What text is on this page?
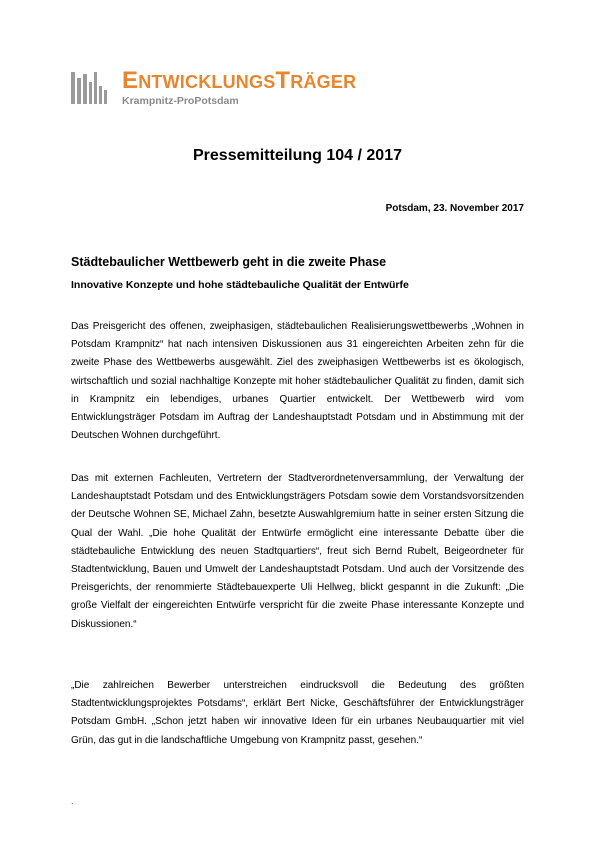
ENTWICKLUNGSTRÄGER
Krampnitz-ProPotsdam
Pressemitteilung 104 / 2017
Potsdam, 23. November 2017
Städtebaulicher Wettbewerb geht in die zweite Phase
Innovative Konzepte und hohe städtebauliche Qualität der Entwürfe

Das Preisgericht des offenen, zweiphasigen, städtebaulichen Realisierungswettbewerbs „Wohnen in Potsdam Krampnitz“ hat nach intensiven Diskussionen aus 31 eingereichten Arbeiten zehn für die zweite Phase des Wettbewerbs ausgewählt. Ziel des zweiphasigen Wettbewerbs ist es ökologisch, wirtschaftlich und sozial nachhaltige Konzepte mit hoher städtebaulicher Qualität zu finden, damit sich in Krampnitz ein lebendiges, urbanes Quartier entwickelt. Der Wettbewerb wird vom Entwicklungsträger Potsdam im Auftrag der Landeshauptstadt Potsdam und in Abstimmung mit der Deutschen Wohnen durchgeführt.

Das mit externen Fachleuten, Vertretern der Stadtverordnetenversammlung, der Verwaltung der Landeshauptstadt Potsdam und des Entwicklungsträgers Potsdam sowie dem Vorstandsvorsitzenden der Deutsche Wohnen SE, Michael Zahn, besetzte Auswahlgremium hatte in seiner ersten Sitzung die Qual der Wahl. „Die hohe Qualität der Entwürfe ermöglicht eine interessante Debatte über die städtebauliche Entwicklung des neuen Stadtquartiers“, freut sich Bernd Rubelt, Beigeordneter für Stadtentwicklung, Bauen und Umwelt der Landeshauptstadt Potsdam. Und auch der Vorsitzende des Preisgerichts, der renommierte Städtebauexperte Uli Hellweg, blickt gespannt in die Zukunft: „Die große Vielfalt der eingereichten Entwürfe verspricht für die zweite Phase interessante Konzepte und Diskussionen.“

„Die zahlreichen Bewerber unterstreichen eindrucksvoll die Bedeutung des größten Stadtentwicklungsprojektes Potsdams“, erklärt Bert Nicke, Geschäftsführer der Entwicklungsträger Potsdam GmbH. „Schon jetzt haben wir innovative Ideen für ein urbanes Neubauquartier mit viel Grün, das gut in die landschaftliche Umgebung von Krampnitz passt, gesehen.“

.
